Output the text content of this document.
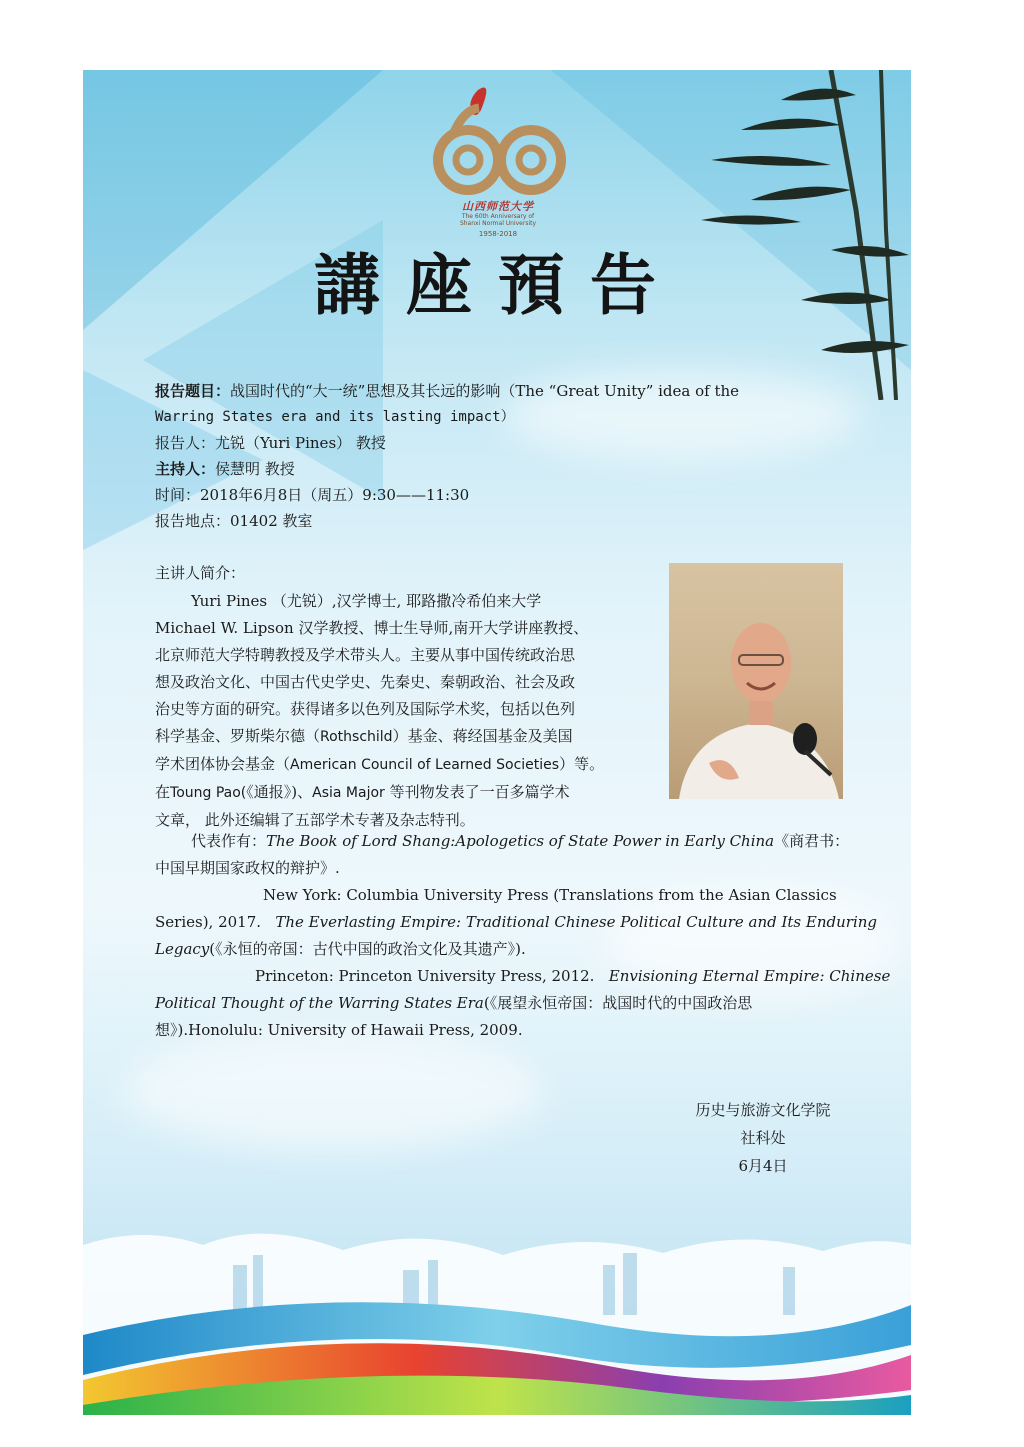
山西师范大学
The 60th Anniversary of
Shanxi Normal University
1958-2018
講座預告
报告题目：战国时代的“大一统”思想及其长远的影响（The “Great Unity” idea of the
Warring States era and its lasting impact）
报告人：尤锐（Yuri Pines） 教授
主持人：侯慧明 教授
时间：2018年6月8日（周五）9:30——11:30
报告地点：01402 教室
主讲人简介：
Yuri Pines （尤锐）,汉学博士, 耶路撒冷希伯来大学
Michael W. Lipson 汉学教授、博士生导师,南开大学讲座教授、
北京师范大学特聘教授及学术带头人。主要从事中国传统政治思
想及政治文化、中国古代史学史、先秦史、秦朝政治、社会及政
治史等方面的研究。获得诸多以色列及国际学术奖，包括以色列
科学基金、罗斯柴尔德（Rothschild）基金、蒋经国基金及美国
学术团体协会基金（American Council of Learned Societies）等。
在Toung Pao(《通报》)、Asia Major 等刊物发表了一百多篇学术
文章， 此外还编辑了五部学术专著及杂志特刊。
代表作有：The Book of Lord Shang:Apologetics of State Power in Early China《商君书：
中国早期国家政权的辩护》.
New York: Columbia University Press (Translations from the Asian Classics
Series), 2017. The Everlasting Empire: Traditional Chinese Political Culture and Its Enduring
Legacy(《永恒的帝国：古代中国的政治文化及其遗产》).
Princeton: Princeton University Press, 2012. Envisioning Eternal Empire: Chinese
Political Thought of the Warring States Era(《展望永恒帝国：战国时代的中国政治思
想》).Honolulu: University of Hawaii Press, 2009.
历史与旅游文化学院
社科处
6月4日
